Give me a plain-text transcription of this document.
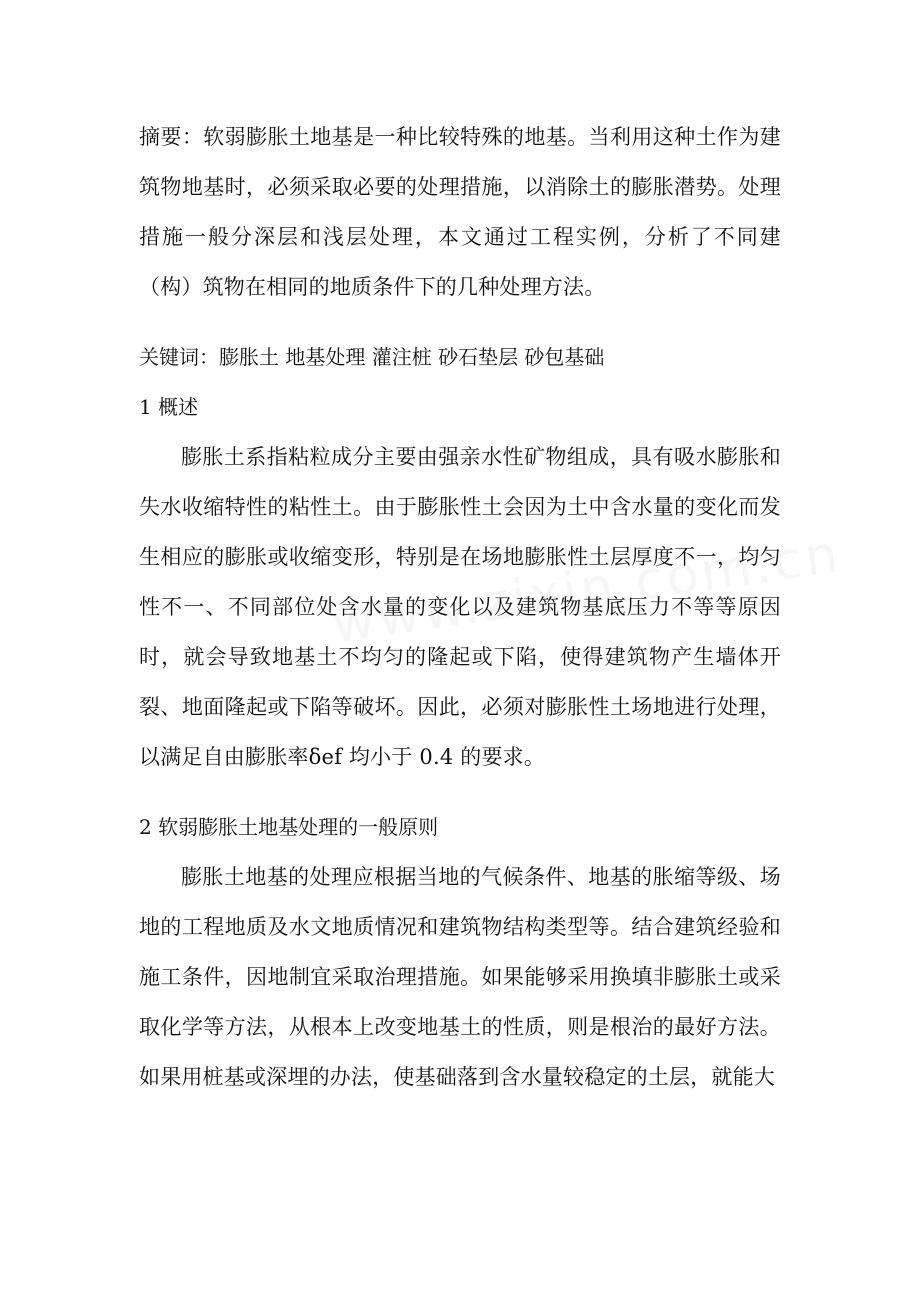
摘要：软弱膨胀土地基是一种比较特殊的地基。当利用这种土作为建筑物地基时，必须采取必要的处理措施，以消除土的膨胀潜势。处理措施一般分深层和浅层处理，本文通过工程实例，分析了不同建（构）筑物在相同的地质条件下的几种处理方法。

关键词：膨胀土 地基处理 灌注桩 砂石垫层 砂包基础

1 概述

膨胀土系指粘粒成分主要由强亲水性矿物组成，具有吸水膨胀和失水收缩特性的粘性土。由于膨胀性土会因为土中含水量的变化而发生相应的膨胀或收缩变形，特别是在场地膨胀性土层厚度不一，均匀性不一、不同部位处含水量的变化以及建筑物基底压力不等等原因时，就会导致地基土不均匀的隆起或下陷，使得建筑物产生墙体开裂、地面隆起或下陷等破坏。因此，必须对膨胀性土场地进行处理，以满足自由膨胀率δef 均小于 0.4 的要求。

2 软弱膨胀土地基处理的一般原则

膨胀土地基的处理应根据当地的气候条件、地基的胀缩等级、场地的工程地质及水文地质情况和建筑物结构类型等。结合建筑经验和施工条件，因地制宜采取治理措施。如果能够采用换填非膨胀土或采取化学等方法，从根本上改变地基土的性质，则是根治的最好方法。如果用桩基或深埋的办法，使基础落到含水量较稳定的土层，就能大
